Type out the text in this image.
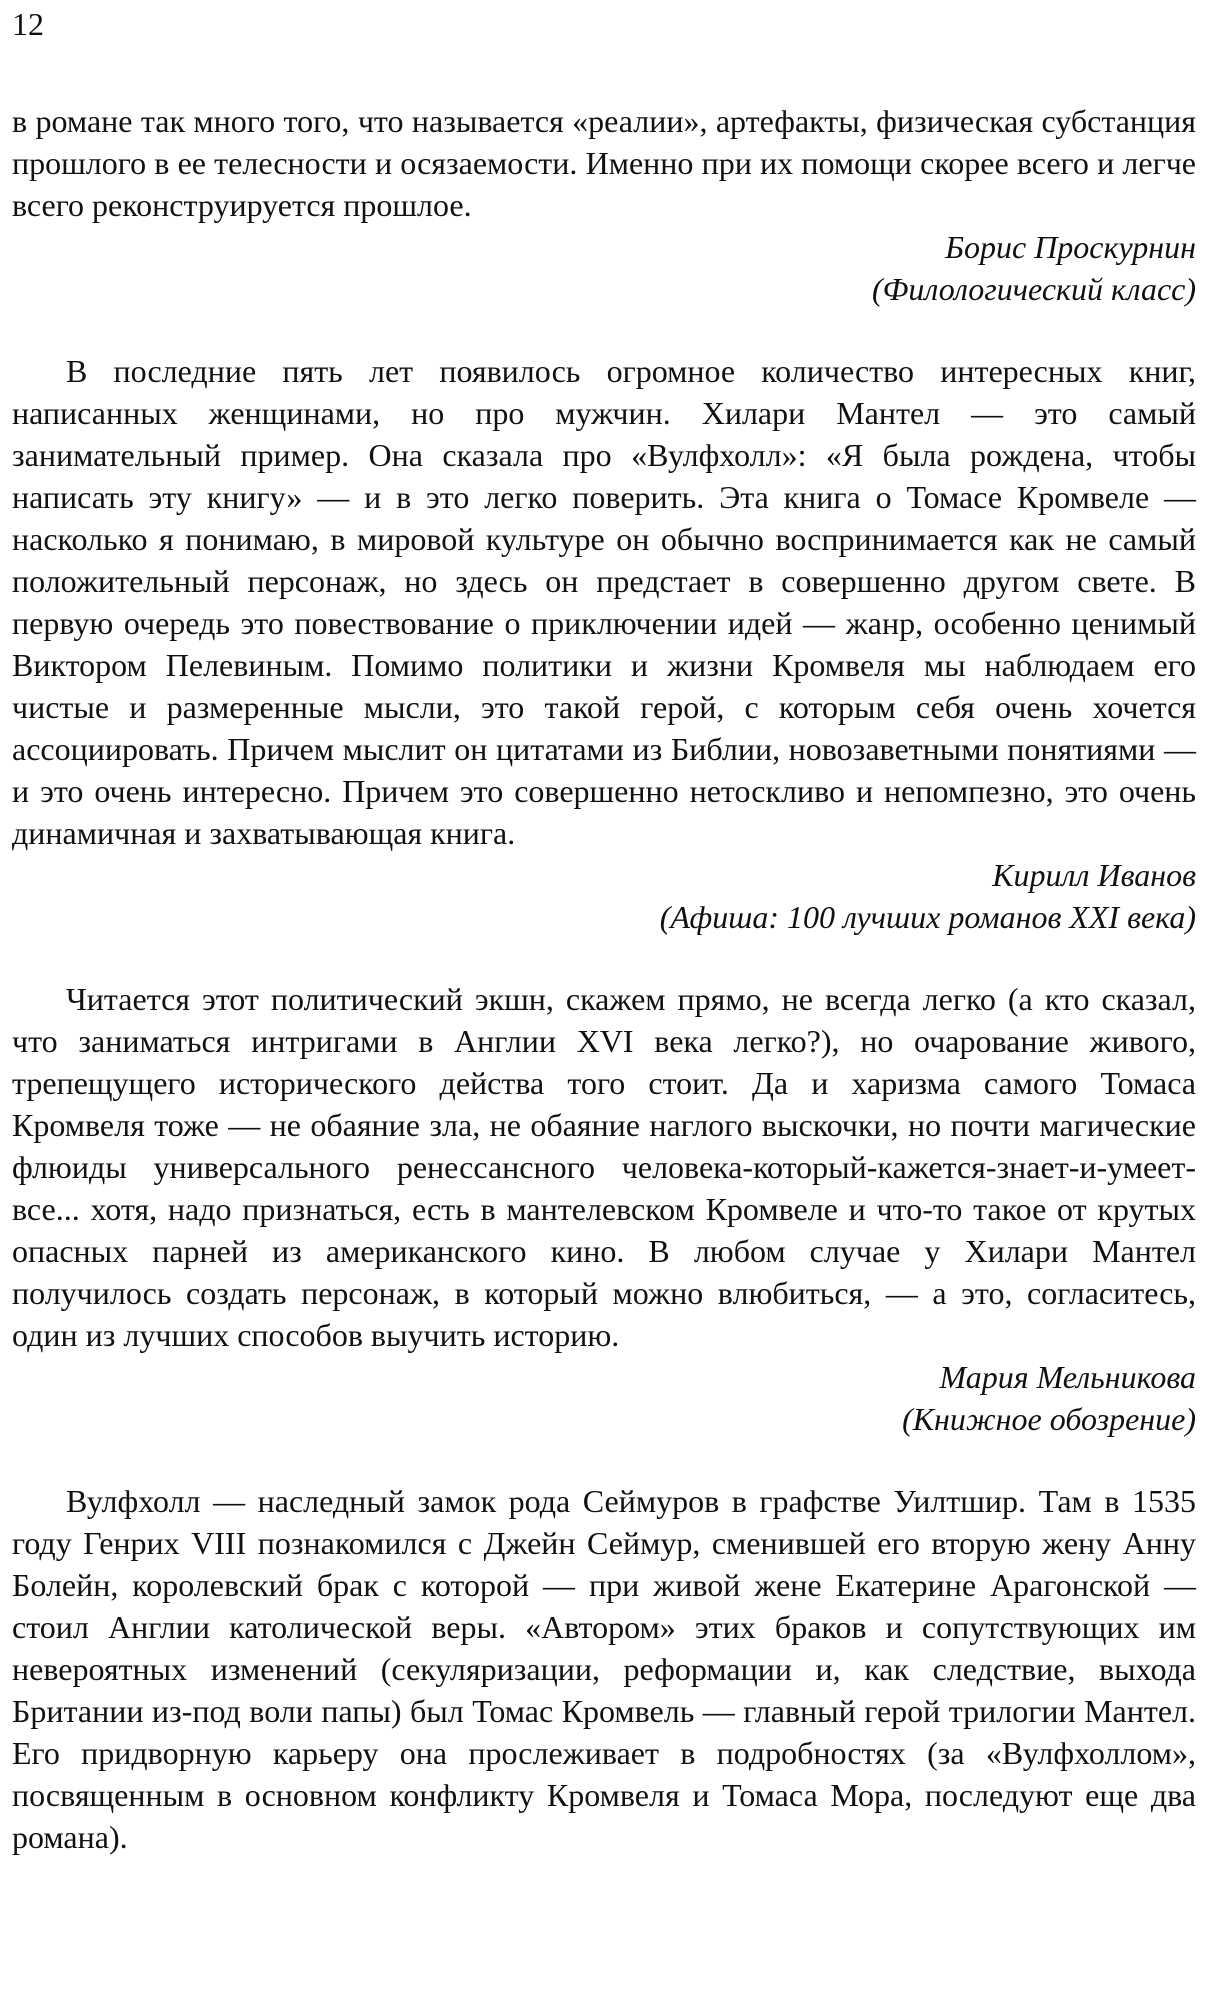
12

в романе так много того, что называется «реалии», артефакты, физическая субстанция прошлого в ее телесности и осязаемости. Именно при их помощи скорее всего и легче всего реконструируется прошлое.

Борис Проскурнин

(Филологический класс)

В последние пять лет появилось огромное количество интересных книг, написанных женщинами, но про мужчин. Хилари Мантел — это самый занимательный пример. Она сказала про «Вулфхолл»: «Я была рождена, чтобы написать эту книгу» — и в это легко поверить. Эта книга о Томасе Кромвеле — насколько я понимаю, в мировой культуре он обычно воспринимается как не самый положительный персонаж, но здесь он предстает в совершенно другом свете. В первую очередь это повествование о приключении идей — жанр, особенно ценимый Виктором Пелевиным. Помимо политики и жизни Кромвеля мы наблюдаем его чистые и размеренные мысли, это такой герой, с которым себя очень хочется ассоциировать. Причем мыслит он цитатами из Библии, новозаветными понятиями — и это очень интересно. Причем это совершенно нетоскливо и непомпезно, это очень динамичная и захватывающая книга.

Кирилл Иванов

(Афиша: 100 лучших романов XXI века)

Читается этот политический экшн, скажем прямо, не всегда легко (а кто сказал, что заниматься интригами в Англии XVI века легко?), но очарование живого, трепещущего исторического действа того стоит. Да и харизма самого Томаса Кромвеля тоже — не обаяние зла, не обаяние наглого выскочки, но почти магические флюиды универсального ренессансного человека-который-кажется-знает-и-умеет-все... хотя, надо признаться, есть в мантелевском Кромвеле и что-то такое от крутых опасных парней из американского кино. В любом случае у Хилари Мантел получилось создать персонаж, в который можно влюбиться, — а это, согласитесь, один из лучших способов выучить историю.

Мария Мельникова

(Книжное обозрение)

Вулфхолл — наследный замок рода Сеймуров в графстве Уилтшир. Там в 1535 году Генрих VIII познакомился с Джейн Сеймур, сменившей его вторую жену Анну Болейн, королевский брак с которой — при живой жене Екатерине Арагонской — стоил Англии католической веры. «Автором» этих браков и сопутствующих им невероятных изменений (секуляризации, реформации и, как следствие, выхода Британии из-под воли папы) был Томас Кромвель — главный герой трилогии Мантел. Его придворную карьеру она прослеживает в подробностях (за «Вулфхоллом», посвященным в основном конфликту Кромвеля и Томаса Мора, последуют еще два романа).
